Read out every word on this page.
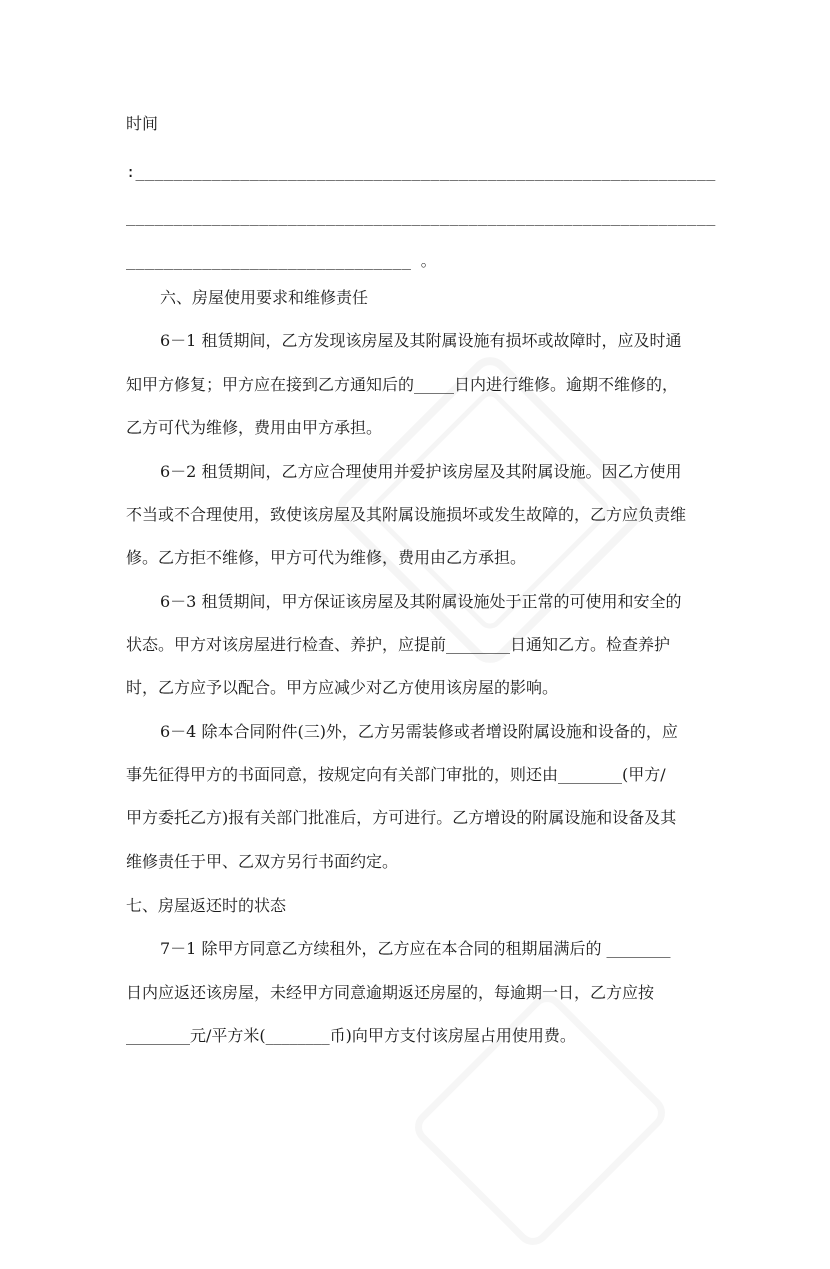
时间
:_____________________________________________________________
______________________________________________________________
______________________________ 。
六、房屋使用要求和维修责任
6－1 租赁期间，乙方发现该房屋及其附属设施有损坏或故障时，应及时通
知甲方修复；甲方应在接到乙方通知后的_____日内进行维修。逾期不维修的，
乙方可代为维修，费用由甲方承担。
6－2 租赁期间，乙方应合理使用并爱护该房屋及其附属设施。因乙方使用
不当或不合理使用，致使该房屋及其附属设施损坏或发生故障的，乙方应负责维
修。乙方拒不维修，甲方可代为维修，费用由乙方承担。
6－3 租赁期间，甲方保证该房屋及其附属设施处于正常的可使用和安全的
状态。甲方对该房屋进行检查、养护，应提前________日通知乙方。检查养护
时，乙方应予以配合。甲方应减少对乙方使用该房屋的影响。
6－4 除本合同附件(三)外，乙方另需装修或者增设附属设施和设备的，应
事先征得甲方的书面同意，按规定向有关部门审批的，则还由________(甲方/
甲方委托乙方)报有关部门批准后，方可进行。乙方增设的附属设施和设备及其
维修责任于甲、乙双方另行书面约定。
七、房屋返还时的状态
7－1 除甲方同意乙方续租外，乙方应在本合同的租期届满后的 ________
日内应返还该房屋，未经甲方同意逾期返还房屋的，每逾期一日，乙方应按
________元/平方米(________币)向甲方支付该房屋占用使用费。
